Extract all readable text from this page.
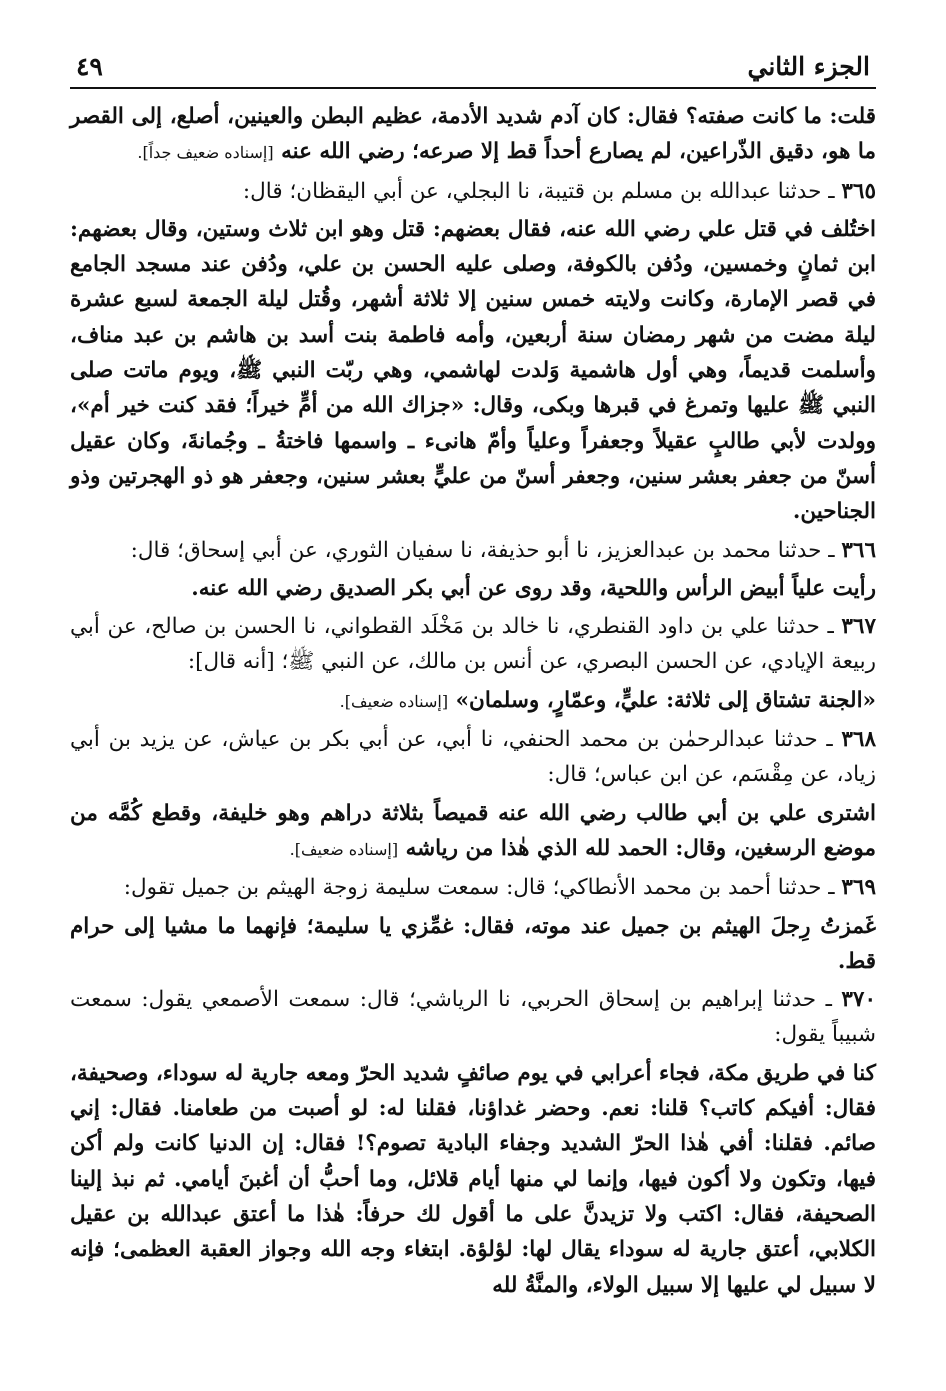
الجزء الثاني
٤٩

قلت: ما كانت صفته؟ فقال: كان آدم شديد الأدمة، عظيم البطن والعينين، أصلع، إلى القصر ما هو، دقيق الذّراعين، لم يصارع أحداً قط إلا صرعه؛ رضي الله عنه [إسناده ضعيف جداً].

٣٦٥ ـ حدثنا عبدالله بن مسلم بن قتيبة، نا البجلي، عن أبي اليقظان؛ قال:

اختُلف في قتل علي رضي الله عنه، فقال بعضهم: قتل وهو ابن ثلاث وستين، وقال بعضهم: ابن ثمانٍ وخمسين، ودُفن بالكوفة، وصلى عليه الحسن بن علي، ودُفن عند مسجد الجامع في قصر الإمارة، وكانت ولايته خمس سنين إلا ثلاثة أشهر، وقُتل ليلة الجمعة لسبع عشرة ليلة مضت من شهر رمضان سنة أربعين، وأمه فاطمة بنت أسد بن هاشم بن عبد مناف، وأسلمت قديماً، وهي أول هاشمية وَلدت لهاشمي، وهي ربّت النبي ﷺ، ويوم ماتت صلى النبي ﷺ عليها وتمرغ في قبرها وبكى، وقال: «جزاك الله من أمٍّ خيراً؛ فقد كنت خير أم»، وولدت لأبي طالبٍ عقيلاً وجعفراً وعلياً وأمّ هانىء ـ واسمها فاختةُ ـ وجُمانةَ، وكان عقيل أسنّ من جعفر بعشر سنين، وجعفر أسنّ من عليٍّ بعشر سنين، وجعفر هو ذو الهجرتين وذو الجناحين.

٣٦٦ ـ حدثنا محمد بن عبدالعزيز، نا أبو حذيفة، نا سفيان الثوري، عن أبي إسحاق؛ قال:

رأيت علياً أبيض الرأس واللحية، وقد روى عن أبي بكر الصديق رضي الله عنه.

٣٦٧ ـ حدثنا علي بن داود القنطري، نا خالد بن مَخْلَد القطواني، نا الحسن بن صالح، عن أبي ربيعة الإيادي، عن الحسن البصري، عن أنس بن مالك، عن النبي ﷺ؛ [أنه قال]:

«الجنة تشتاق إلى ثلاثة: عليٍّ، وعمّارٍ، وسلمان» [إسناده ضعيف].

٣٦٨ ـ حدثنا عبدالرحمٰن بن محمد الحنفي، نا أبي، عن أبي بكر بن عياش، عن يزيد بن أبي زياد، عن مِقْسَم، عن ابن عباس؛ قال:

اشترى علي بن أبي طالب رضي الله عنه قميصاً بثلاثة دراهم وهو خليفة، وقطع كُمَّه من موضع الرسغين، وقال: الحمد لله الذي هٰذا من رياشه [إسناده ضعيف].

٣٦٩ ـ حدثنا أحمد بن محمد الأنطاكي؛ قال: سمعت سليمة زوجة الهيثم بن جميل تقول:

غَمزتُ رِجلَ الهيثم بن جميل عند موته، فقال: غمِّزي يا سليمة؛ فإنهما ما مشيا إلى حرام قط.

٣٧٠ ـ حدثنا إبراهيم بن إسحاق الحربي، نا الرياشي؛ قال: سمعت الأصمعي يقول: سمعت شبيباً يقول:

كنا في طريق مكة، فجاء أعرابي في يوم صائفٍ شديد الحرّ ومعه جارية له سوداء، وصحيفة، فقال: أفيكم كاتب؟ قلنا: نعم. وحضر غداؤنا، فقلنا له: لو أصبت من طعامنا. فقال: إني صائم. فقلنا: أفي هٰذا الحرّ الشديد وجفاء البادية تصوم؟! فقال: إن الدنيا كانت ولم أكن فيها، وتكون ولا أكون فيها، وإنما لي منها أيام قلائل، وما أحبُّ أن أغبنَ أيامي. ثم نبذ إلينا الصحيفة، فقال: اكتب ولا تزيدنَّ على ما أقول لك حرفاً: هٰذا ما أعتق عبدالله بن عقيل الكلابي، أعتق جارية له سوداء يقال لها: لؤلؤة. ابتغاء وجه الله وجواز العقبة العظمى؛ فإنه لا سبيل لي عليها إلا سبيل الولاء، والمنَّةُ لله
